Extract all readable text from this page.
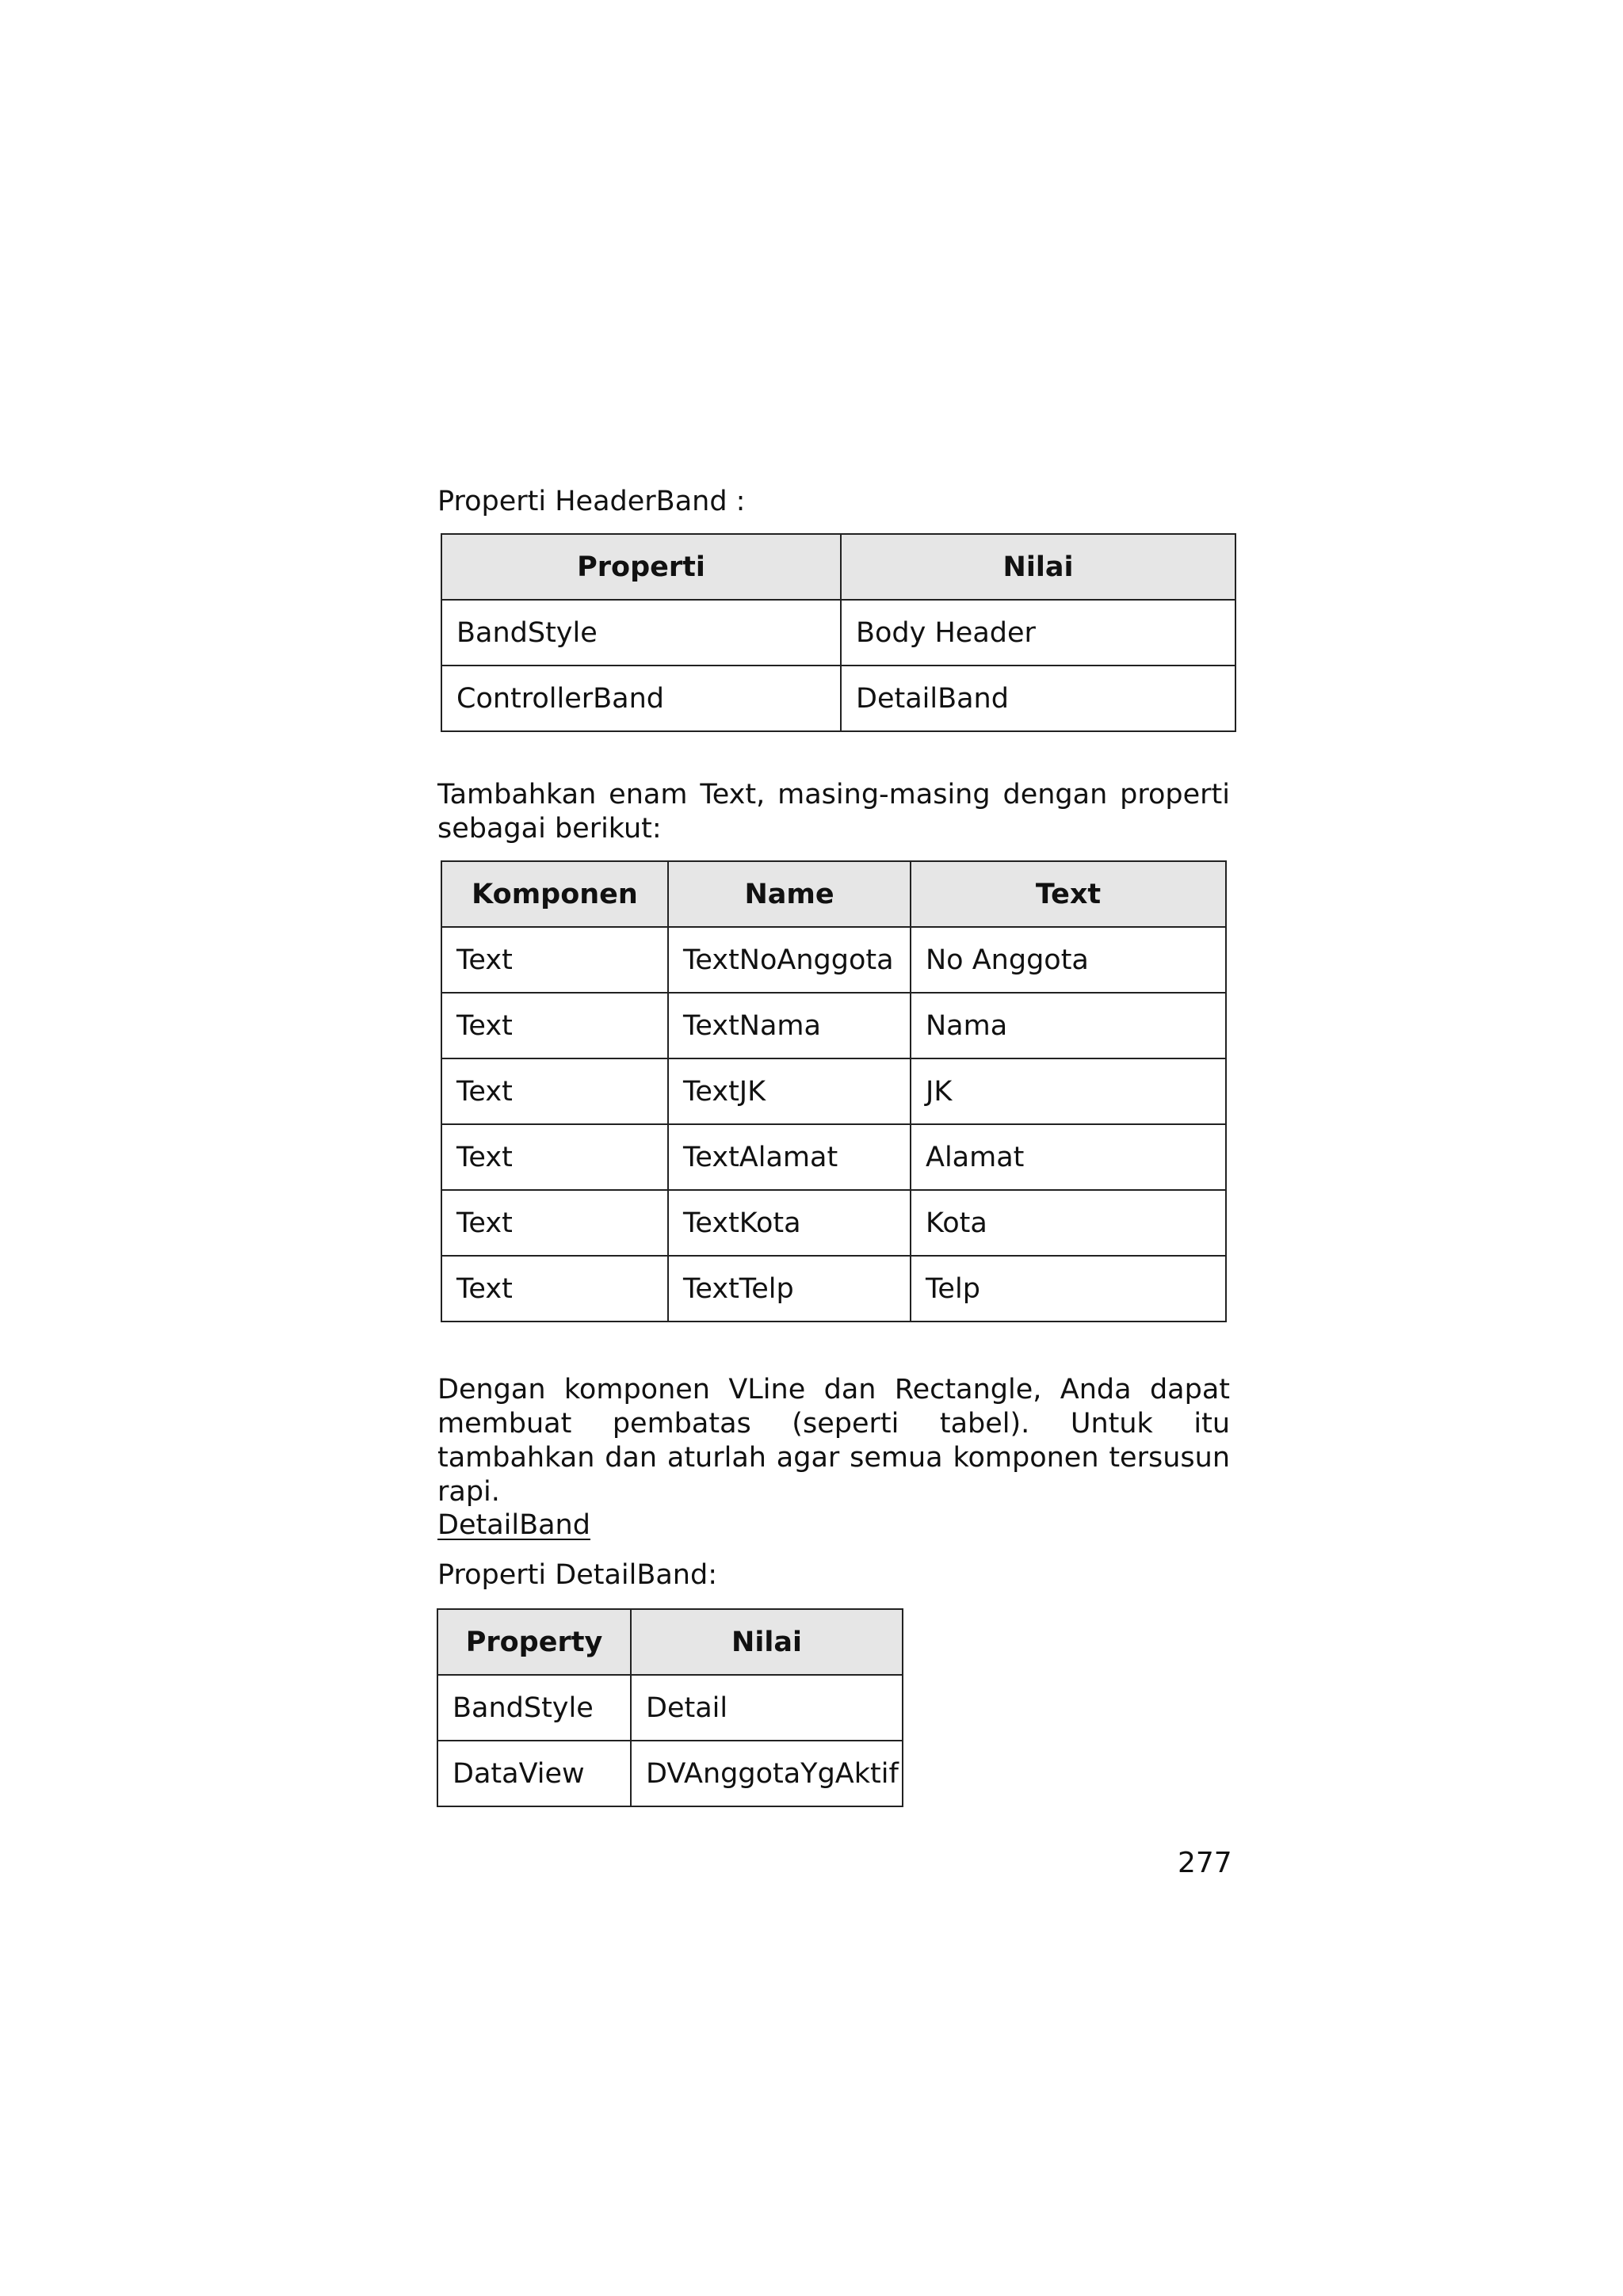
Properti HeaderBand :
Properti	Nilai
BandStyle	Body Header
ControllerBand	DetailBand
Tambahkan enam Text, masing-masing dengan properti sebagai berikut:
Komponen	Name	Text
Text	TextNoAnggota	No Anggota
Text	TextNama	Nama
Text	TextJK	JK
Text	TextAlamat	Alamat
Text	TextKota	Kota
Text	TextTelp	Telp
Dengan komponen VLine dan Rectangle, Anda dapat membuat pembatas (seperti tabel). Untuk itu tambahkan dan aturlah agar semua komponen tersusun rapi.
DetailBand
Properti DetailBand:
Property	Nilai
BandStyle	Detail
DataView	DVAnggotaYgAktif
277
